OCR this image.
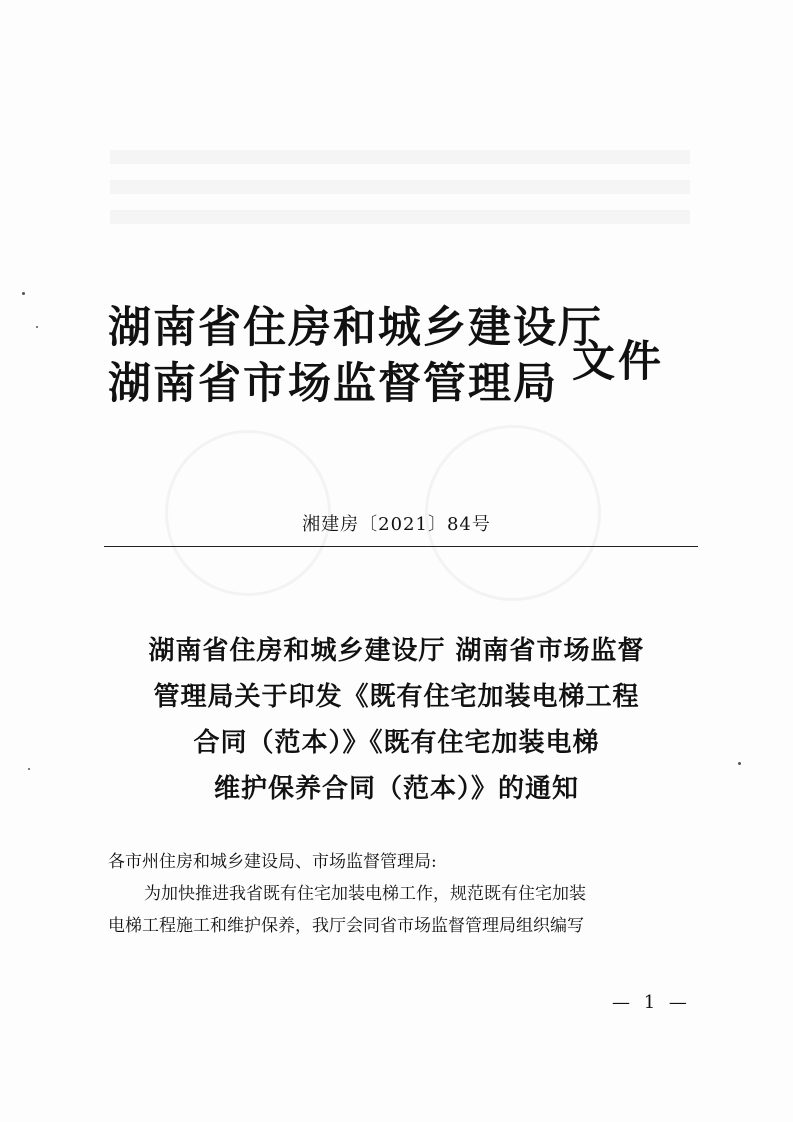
湖南省住房和城乡建设厅
湖南省市场监督管理局 文件
湘建房〔2021〕84号
湖南省住房和城乡建设厅 湖南省市场监督
管理局关于印发《既有住宅加装电梯工程
合同（范本）》《既有住宅加装电梯
维护保养合同（范本）》的通知

各市州住房和城乡建设局、市场监督管理局:

为加快推进我省既有住宅加装电梯工作，规范既有住宅加装

电梯工程施工和维护保养，我厅会同省市场监督管理局组织编写

— 1 —
